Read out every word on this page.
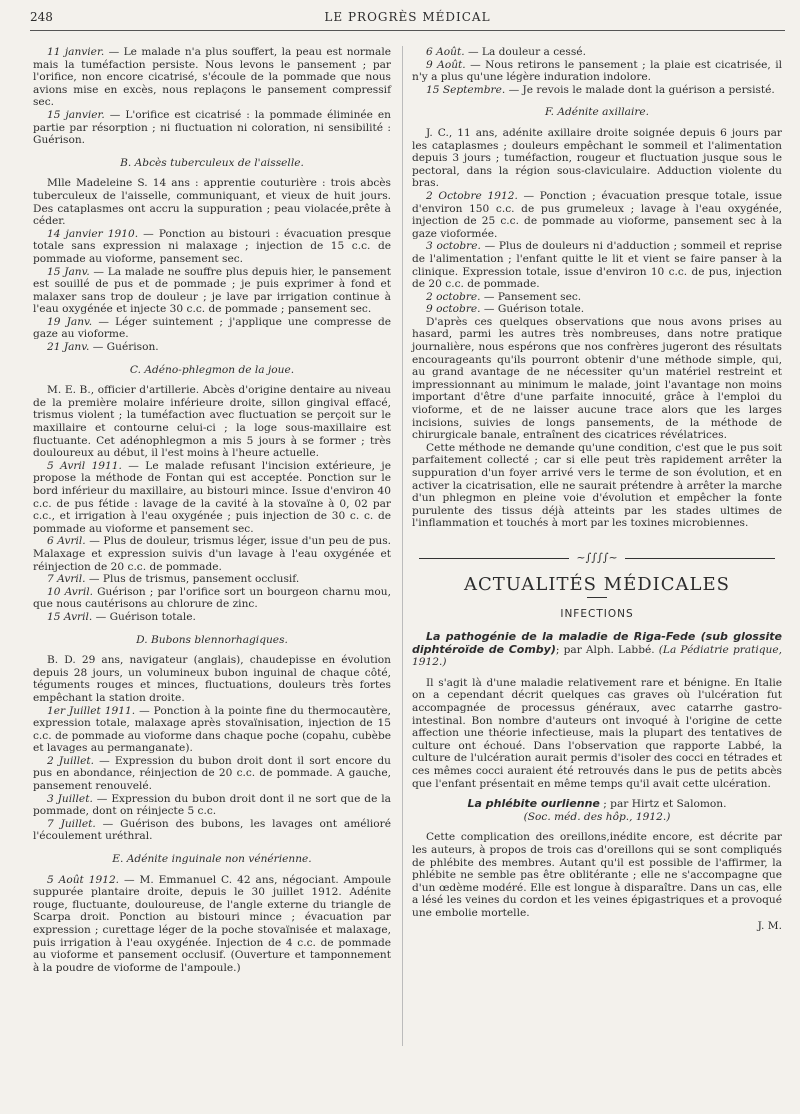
248	LE PROGRÈS MÉDICAL

11 janvier. — Le malade n'a plus souffert, la peau est normale mais la tuméfaction persiste. Nous levons le pansement ; par l'orifice, non encore cicatrisé, s'écoule de la pommade que nous avions mise en excès, nous replaçons le pansement compressif sec.

15 janvier. — L'orifice est cicatrisé : la pommade éliminée en partie par résorption ; ni fluctuation ni coloration, ni sensibilité : Guérison.

B. Abcès tuberculeux de l'aisselle.

Mlle Madeleine S. 14 ans : apprentie couturière : trois abcès tuberculeux de l'aisselle, communiquant, et vieux de huit jours. Des cataplasmes ont accru la suppuration ; peau violacée,prête à céder.

14 janvier 1910. — Ponction au bistouri : évacuation presque totale sans expression ni malaxage ; injection de 15 c.c. de pommade au vioforme, pansement sec.

15 Janv. — La malade ne souffre plus depuis hier, le pansement est souillé de pus et de pommade ; je puis exprimer à fond et malaxer sans trop de douleur ; je lave par irrigation continue à l'eau oxygénée et injecte 30 c.c. de pommade ; pansement sec.

19 Janv. — Léger suintement ; j'applique une compresse de gaze au vioforme.

21 Janv. — Guérison.

C. Adéno-phlegmon de la joue.

M. E. B., officier d'artillerie. Abcès d'origine dentaire au niveau de la première molaire inférieure droite, sillon gingival effacé, trismus violent ; la tuméfaction avec fluctuation se perçoit sur le maxillaire et contourne celui-ci ; la loge sous-maxillaire est fluctuante. Cet adénophlegmon a mis 5 jours à se former ; très douloureux au début, il l'est moins à l'heure actuelle.

5 Avril 1911. — Le malade refusant l'incision extérieure, je propose la méthode de Fontan qui est acceptée. Ponction sur le bord inférieur du maxillaire, au bistouri mince. Issue d'environ 40 c.c. de pus fétide : lavage de la cavité à la stovaïne à 0, 02 par c.c., et irrigation à l'eau oxygénée ; puis injection de 30 c. c. de pommade au vioforme et pansement sec.

6 Avril. — Plus de douleur, trismus léger, issue d'un peu de pus. Malaxage et expression suivis d'un lavage à l'eau oxygénée et réinjection de 20 c.c. de pommade.

7 Avril. — Plus de trismus, pansement occlusif.

10 Avril. Guérison ; par l'orifice sort un bourgeon charnu mou, que nous cautérisons au chlorure de zinc.

15 Avril. — Guérison totale.

D. Bubons blennorhagiques.

B. D. 29 ans, navigateur (anglais), chaudepisse en évolution depuis 28 jours, un volumineux bubon inguinal de chaque côté, téguments rouges et minces, fluctuations, douleurs très fortes empêchant la station droite.

1er Juillet 1911. — Ponction à la pointe fine du thermocautère, expression totale, malaxage après stovaïnisation, injection de 15 c.c. de pommade au vioforme dans chaque poche (copahu, cubèbe et lavages au permanganate).

2 Juillet. — Expression du bubon droit dont il sort encore du pus en abondance, réinjection de 20 c.c. de pommade. A gauche, pansement renouvelé.

3 Juillet. — Expression du bubon droit dont il ne sort que de la pommade, dont on réinjecte 5 c.c.

7 Juillet. — Guérison des bubons, les lavages ont amélioré l'écoulement uréthral.

E. Adénite inguinale non vénérienne.

5 Août 1912. — M. Emmanuel C. 42 ans, négociant. Ampoule suppurée plantaire droite, depuis le 30 juillet 1912. Adénite rouge, fluctuante, douloureuse, de l'angle externe du triangle de Scarpa droit. Ponction au bistouri mince ; évacuation par expression ; curettage léger de la poche stovaïnisée et malaxage, puis irrigation à l'eau oxygénée. Injection de 4 c.c. de pommade au vioforme et pansement occlusif. (Ouverture et tamponnement à la poudre de vioforme de l'ampoule.)

6 Août. — La douleur a cessé.

9 Août. — Nous retirons le pansement ; la plaie est cicatrisée, il n'y a plus qu'une légère induration indolore.

15 Septembre. — Je revois le malade dont la guérison a persisté.

F. Adénite axillaire.

J. C., 11 ans, adénite axillaire droite soignée depuis 6 jours par les cataplasmes ; douleurs empêchant le sommeil et l'alimentation depuis 3 jours ; tuméfaction, rougeur et fluctuation jusque sous le pectoral, dans la région sous-claviculaire. Adduction violente du bras.

2 Octobre 1912. — Ponction ; évacuation presque totale, issue d'environ 150 c.c. de pus grumeleux ; lavage à l'eau oxygénée, injection de 25 c.c. de pommade au vioforme, pansement sec à la gaze vioformée.

3 octobre. — Plus de douleurs ni d'adduction ; sommeil et reprise de l'alimentation ; l'enfant quitte le lit et vient se faire panser à la clinique. Expression totale, issue d'environ 10 c.c. de pus, injection de 20 c.c. de pommade.

2 octobre. — Pansement sec.

9 octobre. — Guérison totale.

D'après ces quelques observations que nous avons prises au hasard, parmi les autres très nombreuses, dans notre pratique journalière, nous espérons que nos confrères jugeront des résultats encourageants qu'ils pourront obtenir d'une méthode simple, qui, au grand avantage de ne nécessiter qu'un matériel restreint et impressionnant au minimum le malade, joint l'avantage non moins important d'être d'une parfaite innocuité, grâce à l'emploi du vioforme, et de ne laisser aucune trace alors que les larges incisions, suivies de longs pansements, de la méthode de chirurgicale banale, entraînent des cicatrices révélatrices.

Cette méthode ne demande qu'une condition, c'est que le pus soit parfaitement collecté ; car si elle peut très rapidement arrêter la suppuration d'un foyer arrivé vers le terme de son évolution, et en activer la cicatrisation, elle ne saurait prétendre à arrêter la marche d'un phlegmon en pleine voie d'évolution et empêcher la fonte purulente des tissus déjà atteints par les stades ultimes de l'inflammation et touchés à mort par les toxines microbiennes.

~∫∫∫∫~
ACTUALITÉS MÉDICALES
INFECTIONS

La pathogénie de la maladie de Riga-Fede (sub glossite diphtéroïde de Comby); par Alph. Labbé. (La Pédiatrie pratique, 1912.)

Il s'agit là d'une maladie relativement rare et bénigne. En Italie on a cependant décrit quelques cas graves où l'ulcération fut accompagnée de processus généraux, avec catarrhe gastro-intestinal. Bon nombre d'auteurs ont invoqué à l'origine de cette affection une théorie infectieuse, mais la plupart des tentatives de culture ont échoué. Dans l'observation que rapporte Labbé, la culture de l'ulcération aurait permis d'isoler des cocci en tétrades et ces mêmes cocci auraient été retrouvés dans le pus de petits abcès que l'enfant présentait en même temps qu'il avait cette ulcération.

La phlébite ourlienne ; par Hirtz et Salomon.
(Soc. méd. des hôp., 1912.)

Cette complication des oreillons,inédite encore, est décrite par les auteurs, à propos de trois cas d'oreillons qui se sont compliqués de phlébite des membres. Autant qu'il est possible de l'affirmer, la phlébite ne semble pas être oblitérante ; elle ne s'accompagne que d'un œdème modéré. Elle est longue à disparaître. Dans un cas, elle a lésé les veines du cordon et les veines épigastriques et a provoqué une embolie mortelle.

J. M.
